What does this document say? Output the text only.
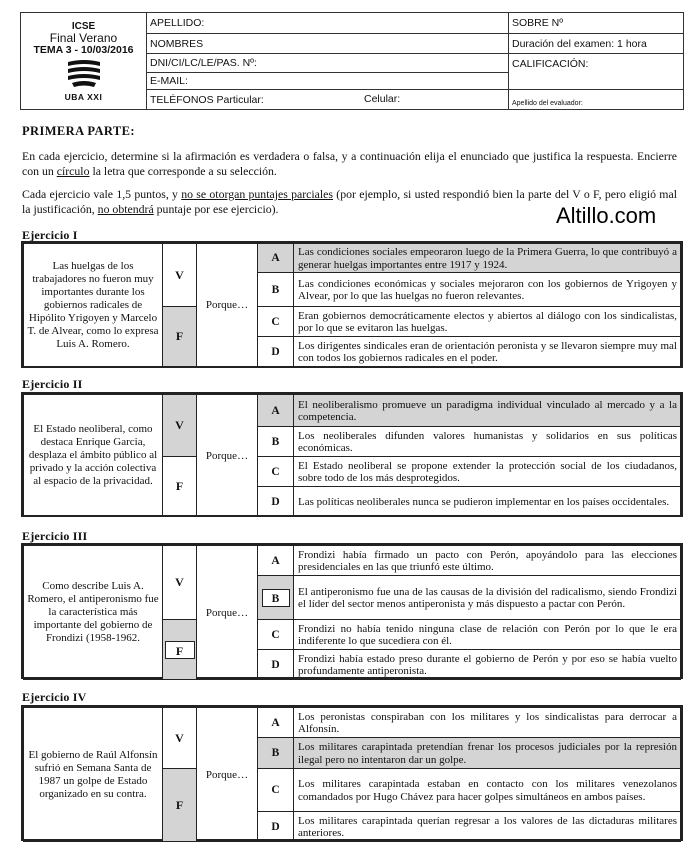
ICSE
Final Verano
TEMA 3 - 10/03/2016
UBA XXI	APELLIDO:	SOBRE Nº
	NOMBRES	Duración del examen: 1 hora
	DNI/CI/LC/LE/PAS. Nº:	CALIFICACIÓN:
	E-MAIL:	
	TELÉFONOS Particular: Celular:	Apellido del evaluador:
PRIMERA PARTE:
En cada ejercicio, determine si la afirmación es verdadera o falsa, y a continuación elija el enunciado que justifica la respuesta. Encierre con un círculo la letra que corresponde a su selección.
Cada ejercicio vale 1,5 puntos, y no se otorgan puntajes parciales (por ejemplo, si usted respondió bien la parte del V o F, pero eligió mal la justificación, no obtendrá puntaje por ese ejercicio).	Altillo.com
Ejercicio I
Las huelgas de los trabajadores no fueron muy importantes durante los gobiernos radicales de Hipólito Yrigoyen y Marcelo T. de Alvear, como lo expresa Luis A. Romero.	V	Porque…	A	Las condiciones sociales empeoraron luego de la Primera Guerra, lo que contribuyó a generar huelgas importantes entre 1917 y 1924.
			B	Las condiciones económicas y sociales mejoraron con los gobiernos de Yrigoyen y Alvear, por lo que las huelgas no fueron relevantes.
	F		C	Eran gobiernos democráticamente electos y abiertos al diálogo con los sindicalistas, por lo que se evitaron las huelgas.
			D	Los dirigentes sindicales eran de orientación peronista y se llevaron siempre muy mal con todos los gobiernos radicales en el poder.
Ejercicio II
El Estado neoliberal, como destaca Enrique Garcia, desplaza el ámbito público al privado y la acción colectiva al espacio de la privacidad.	V	Porque…	A	El neoliberalismo promueve un paradigma individual vinculado al mercado y a la competencia.
			B	Los neoliberales difunden valores humanistas y solidarios en sus políticas económicas.
	F		C	El Estado neoliberal se propone extender la protección social de los ciudadanos, sobre todo de los más desprotegidos.
			D	Las políticas neoliberales nunca se pudieron implementar en los países occidentales.
Ejercicio III
Como describe Luis A. Romero, el antiperonismo fue la característica más importante del gobierno de Frondizi (1958-1962.	V	Porque…	A	Frondizi había firmado un pacto con Perón, apoyándolo para las elecciones presidenciales en las que triunfó este último.
			B	El antiperonismo fue una de las causas de la división del radicalismo, siendo Frondizi el líder del sector menos antiperonista y más dispuesto a pactar con Perón.
	F		C	Frondizi no había tenido ninguna clase de relación con Perón por lo que le era indiferente lo que sucediera con él.
			D	Frondizi había estado preso durante el gobierno de Perón y por eso se había vuelto profundamente antiperonista.
Ejercicio IV
El gobierno de Raúl Alfonsín sufrió en Semana Santa de 1987 un golpe de Estado organizado en su contra.	V	Porque…	A	Los peronistas conspiraban con los militares y los sindicalistas para derrocar a Alfonsín.
			B	Los militares carapintada pretendían frenar los procesos judiciales por la represión ilegal pero no intentaron dar un golpe.
	F		C	Los militares carapintada estaban en contacto con los militares venezolanos comandados por Hugo Chávez para hacer golpes simultáneos en ambos países.
			D	Los militares carapintada querían regresar a los valores de las dictaduras militares anteriores.
